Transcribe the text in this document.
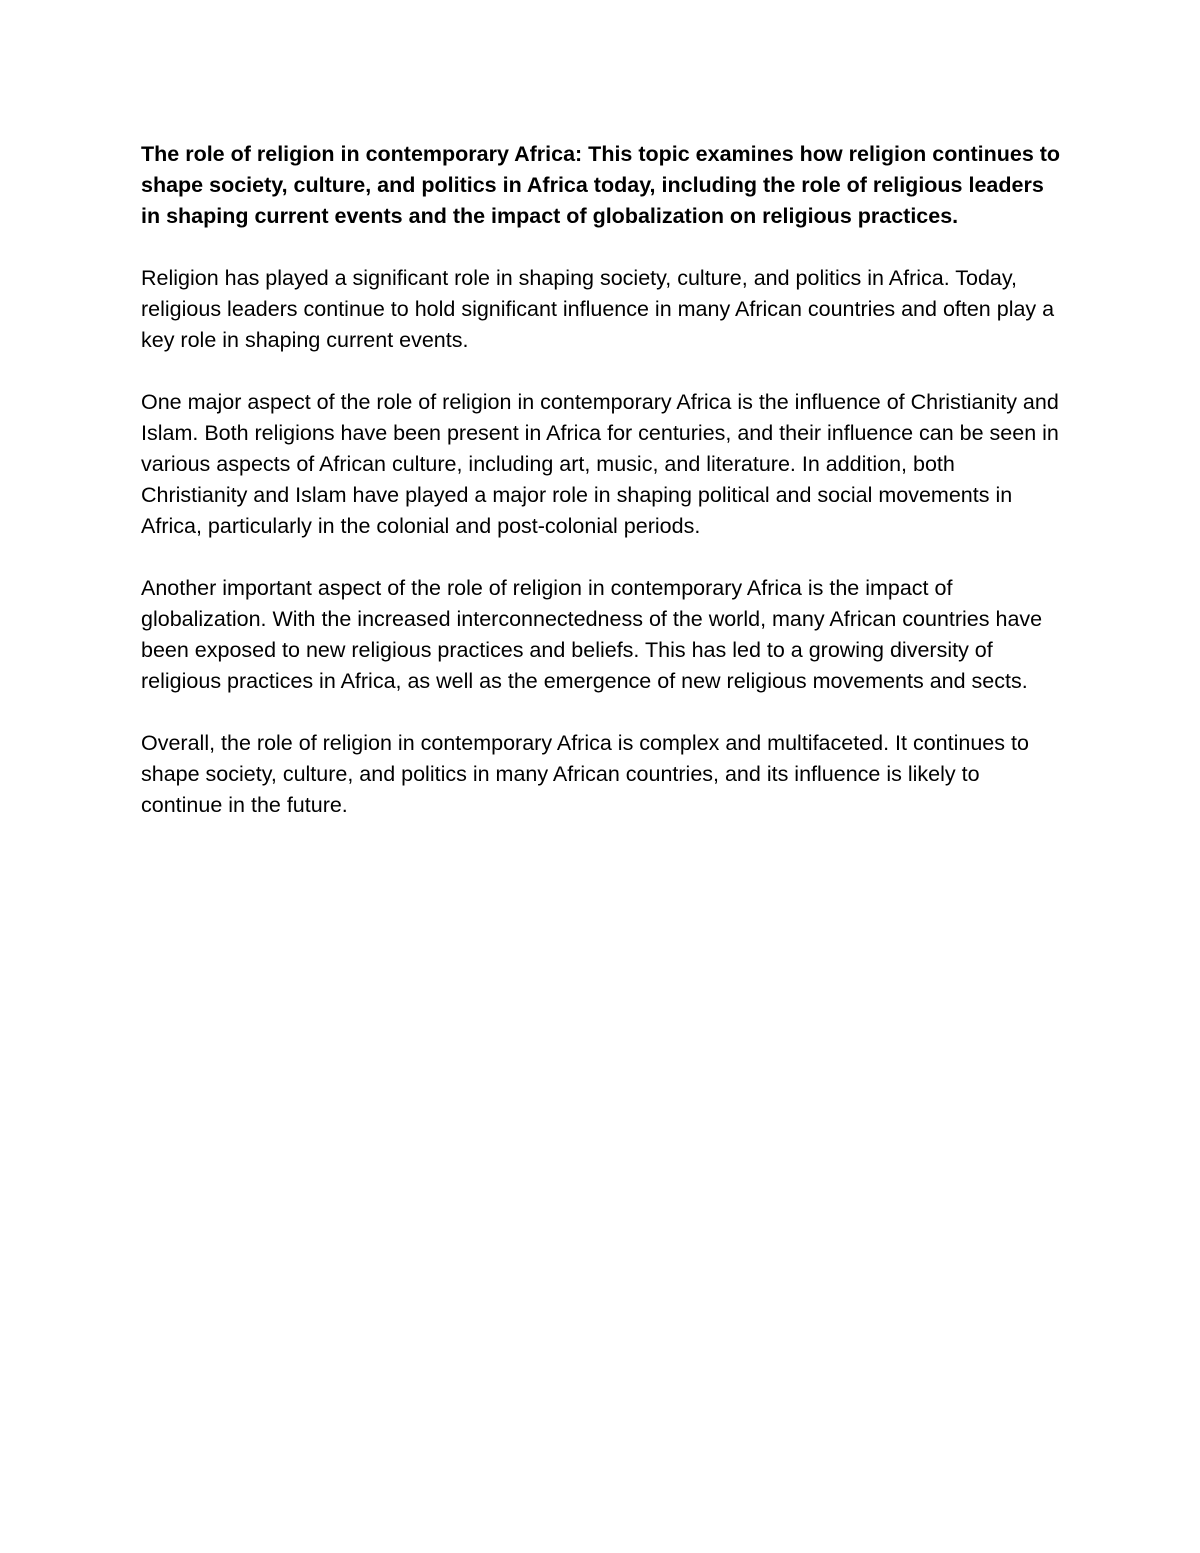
The role of religion in contemporary Africa: This topic examines how religion continues to shape society, culture, and politics in Africa today, including the role of religious leaders in shaping current events and the impact of globalization on religious practices.

Religion has played a significant role in shaping society, culture, and politics in Africa. Today, religious leaders continue to hold significant influence in many African countries and often play a key role in shaping current events.

One major aspect of the role of religion in contemporary Africa is the influence of Christianity and Islam. Both religions have been present in Africa for centuries, and their influence can be seen in various aspects of African culture, including art, music, and literature. In addition, both Christianity and Islam have played a major role in shaping political and social movements in Africa, particularly in the colonial and post-colonial periods.

Another important aspect of the role of religion in contemporary Africa is the impact of globalization. With the increased interconnectedness of the world, many African countries have been exposed to new religious practices and beliefs. This has led to a growing diversity of religious practices in Africa, as well as the emergence of new religious movements and sects.

Overall, the role of religion in contemporary Africa is complex and multifaceted. It continues to shape society, culture, and politics in many African countries, and its influence is likely to continue in the future.
